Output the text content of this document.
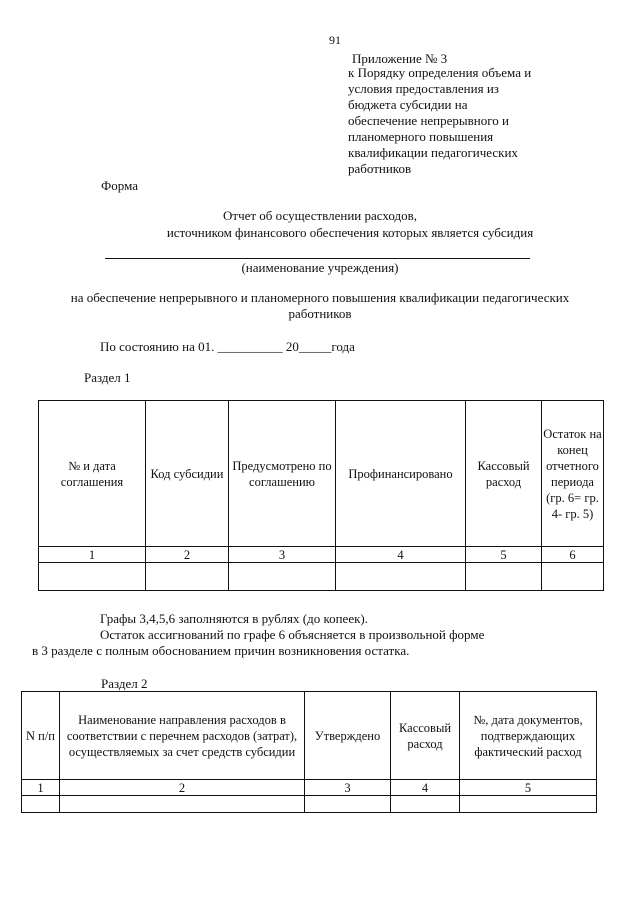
91
Приложение № 3
к Порядку определения объема и
условия предоставления из
бюджета субсидии на
обеспечение непрерывного и
планомерного повышения
квалификации педагогических
работников
Форма
Отчет об осуществлении расходов,
источником финансового обеспечения которых является субсидия
(наименование учреждения)
на обеспечение непрерывного и планомерного повышения квалификации педагогических
работников
По состоянию на 01. __________ 20_____года
Раздел 1
№ и дата соглашения	Код субсидии	Предусмотрено по соглашению	Профинансировано	Кассовый расход	Остаток на конец отчетного периода (гр. 6= гр. 4- гр. 5)
1	2	3	4	5	6

Графы 3,4,5,6 заполняются в рублях (до копеек).
Остаток ассигнований по графе 6 объясняется в произвольной форме
в 3 разделе с полным обоснованием причин возникновения остатка.
Раздел 2
N п/п	Наименование направления расходов в соответствии с перечнем расходов (затрат), осуществляемых за счет средств субсидии	Утверждено	Кассовый расход	№, дата документов, подтверждающих фактический расход
1	2	3	4	5
